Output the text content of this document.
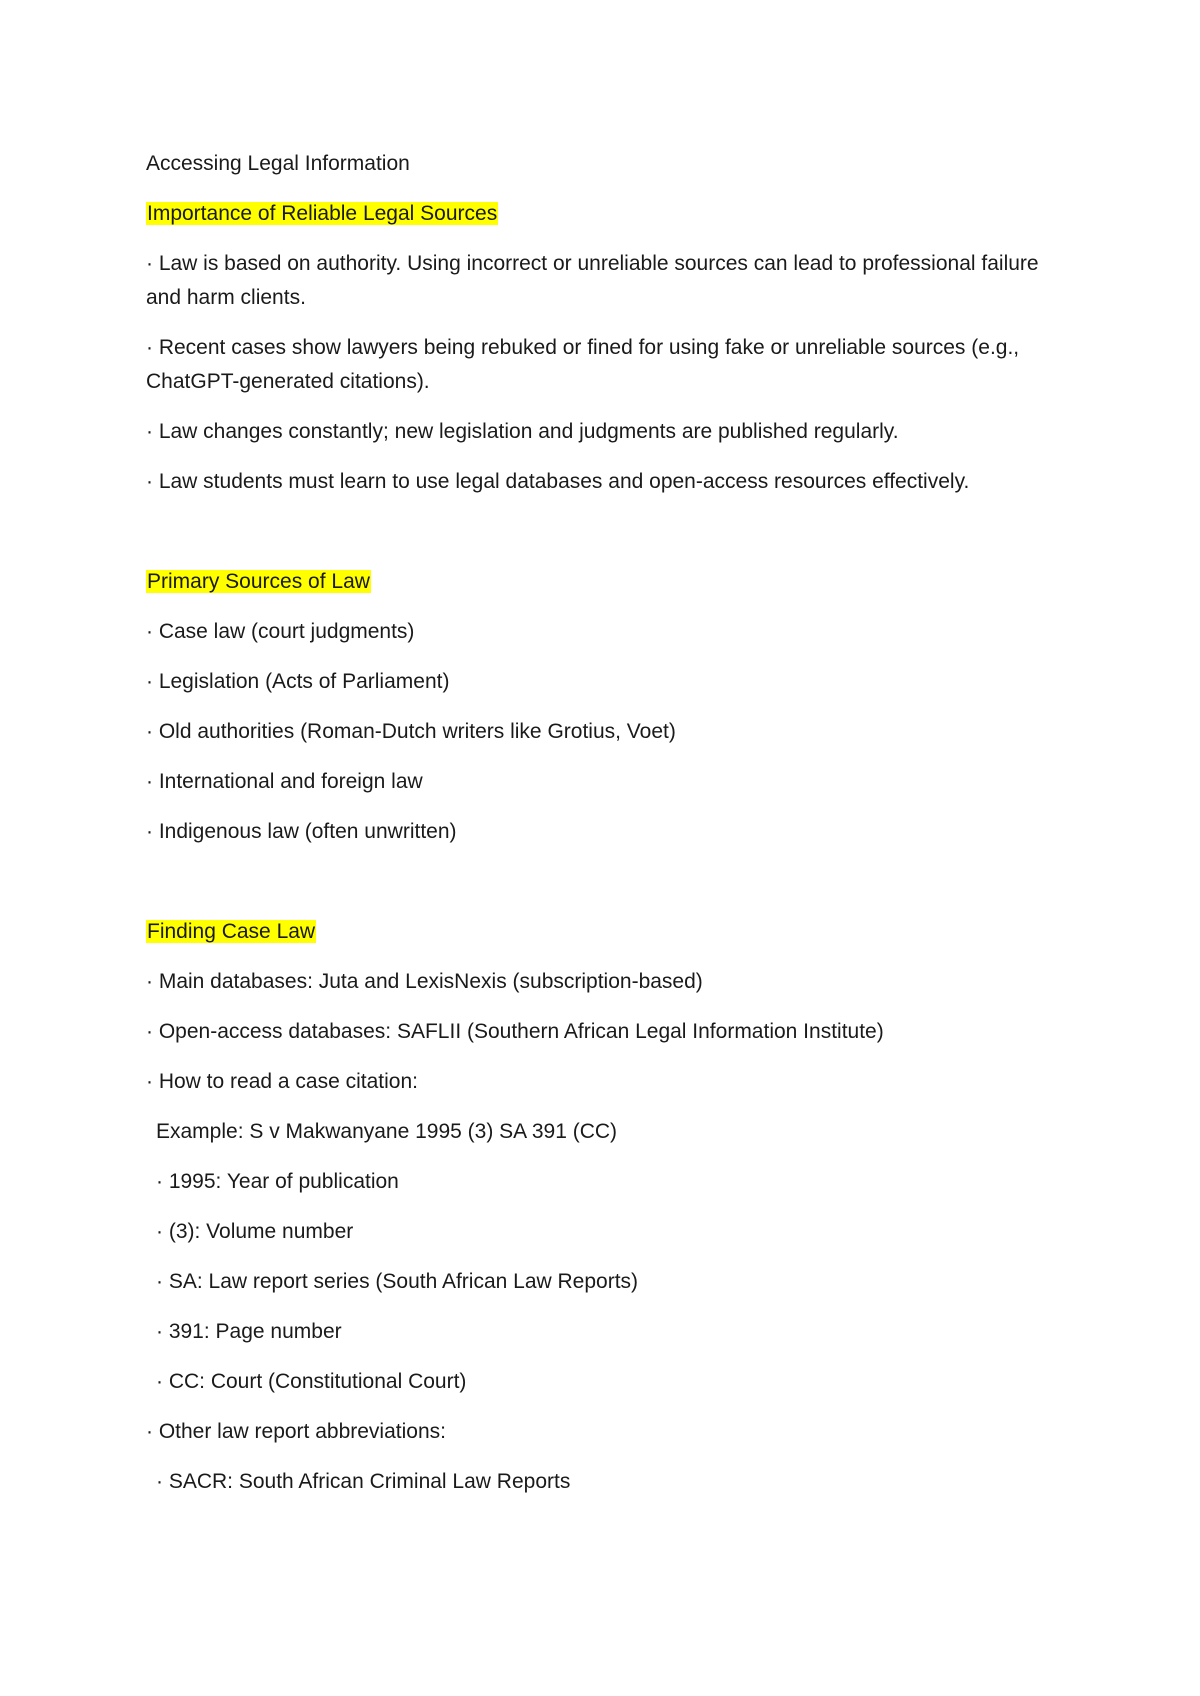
Accessing Legal Information

Importance of Reliable Legal Sources

· Law is based on authority. Using incorrect or unreliable sources can lead to professional failure and harm clients.

· Recent cases show lawyers being rebuked or fined for using fake or unreliable sources (e.g., ChatGPT-generated citations).

· Law changes constantly; new legislation and judgments are published regularly.

· Law students must learn to use legal databases and open-access resources effectively.

Primary Sources of Law

· Case law (court judgments)

· Legislation (Acts of Parliament)

· Old authorities (Roman-Dutch writers like Grotius, Voet)

· International and foreign law

· Indigenous law (often unwritten)

Finding Case Law

· Main databases: Juta and LexisNexis (subscription-based)

· Open-access databases: SAFLII (Southern African Legal Information Institute)

· How to read a case citation:

Example: S v Makwanyane 1995 (3) SA 391 (CC)

· 1995: Year of publication

· (3): Volume number

· SA: Law report series (South African Law Reports)

· 391: Page number

· CC: Court (Constitutional Court)

· Other law report abbreviations:

· SACR: South African Criminal Law Reports
